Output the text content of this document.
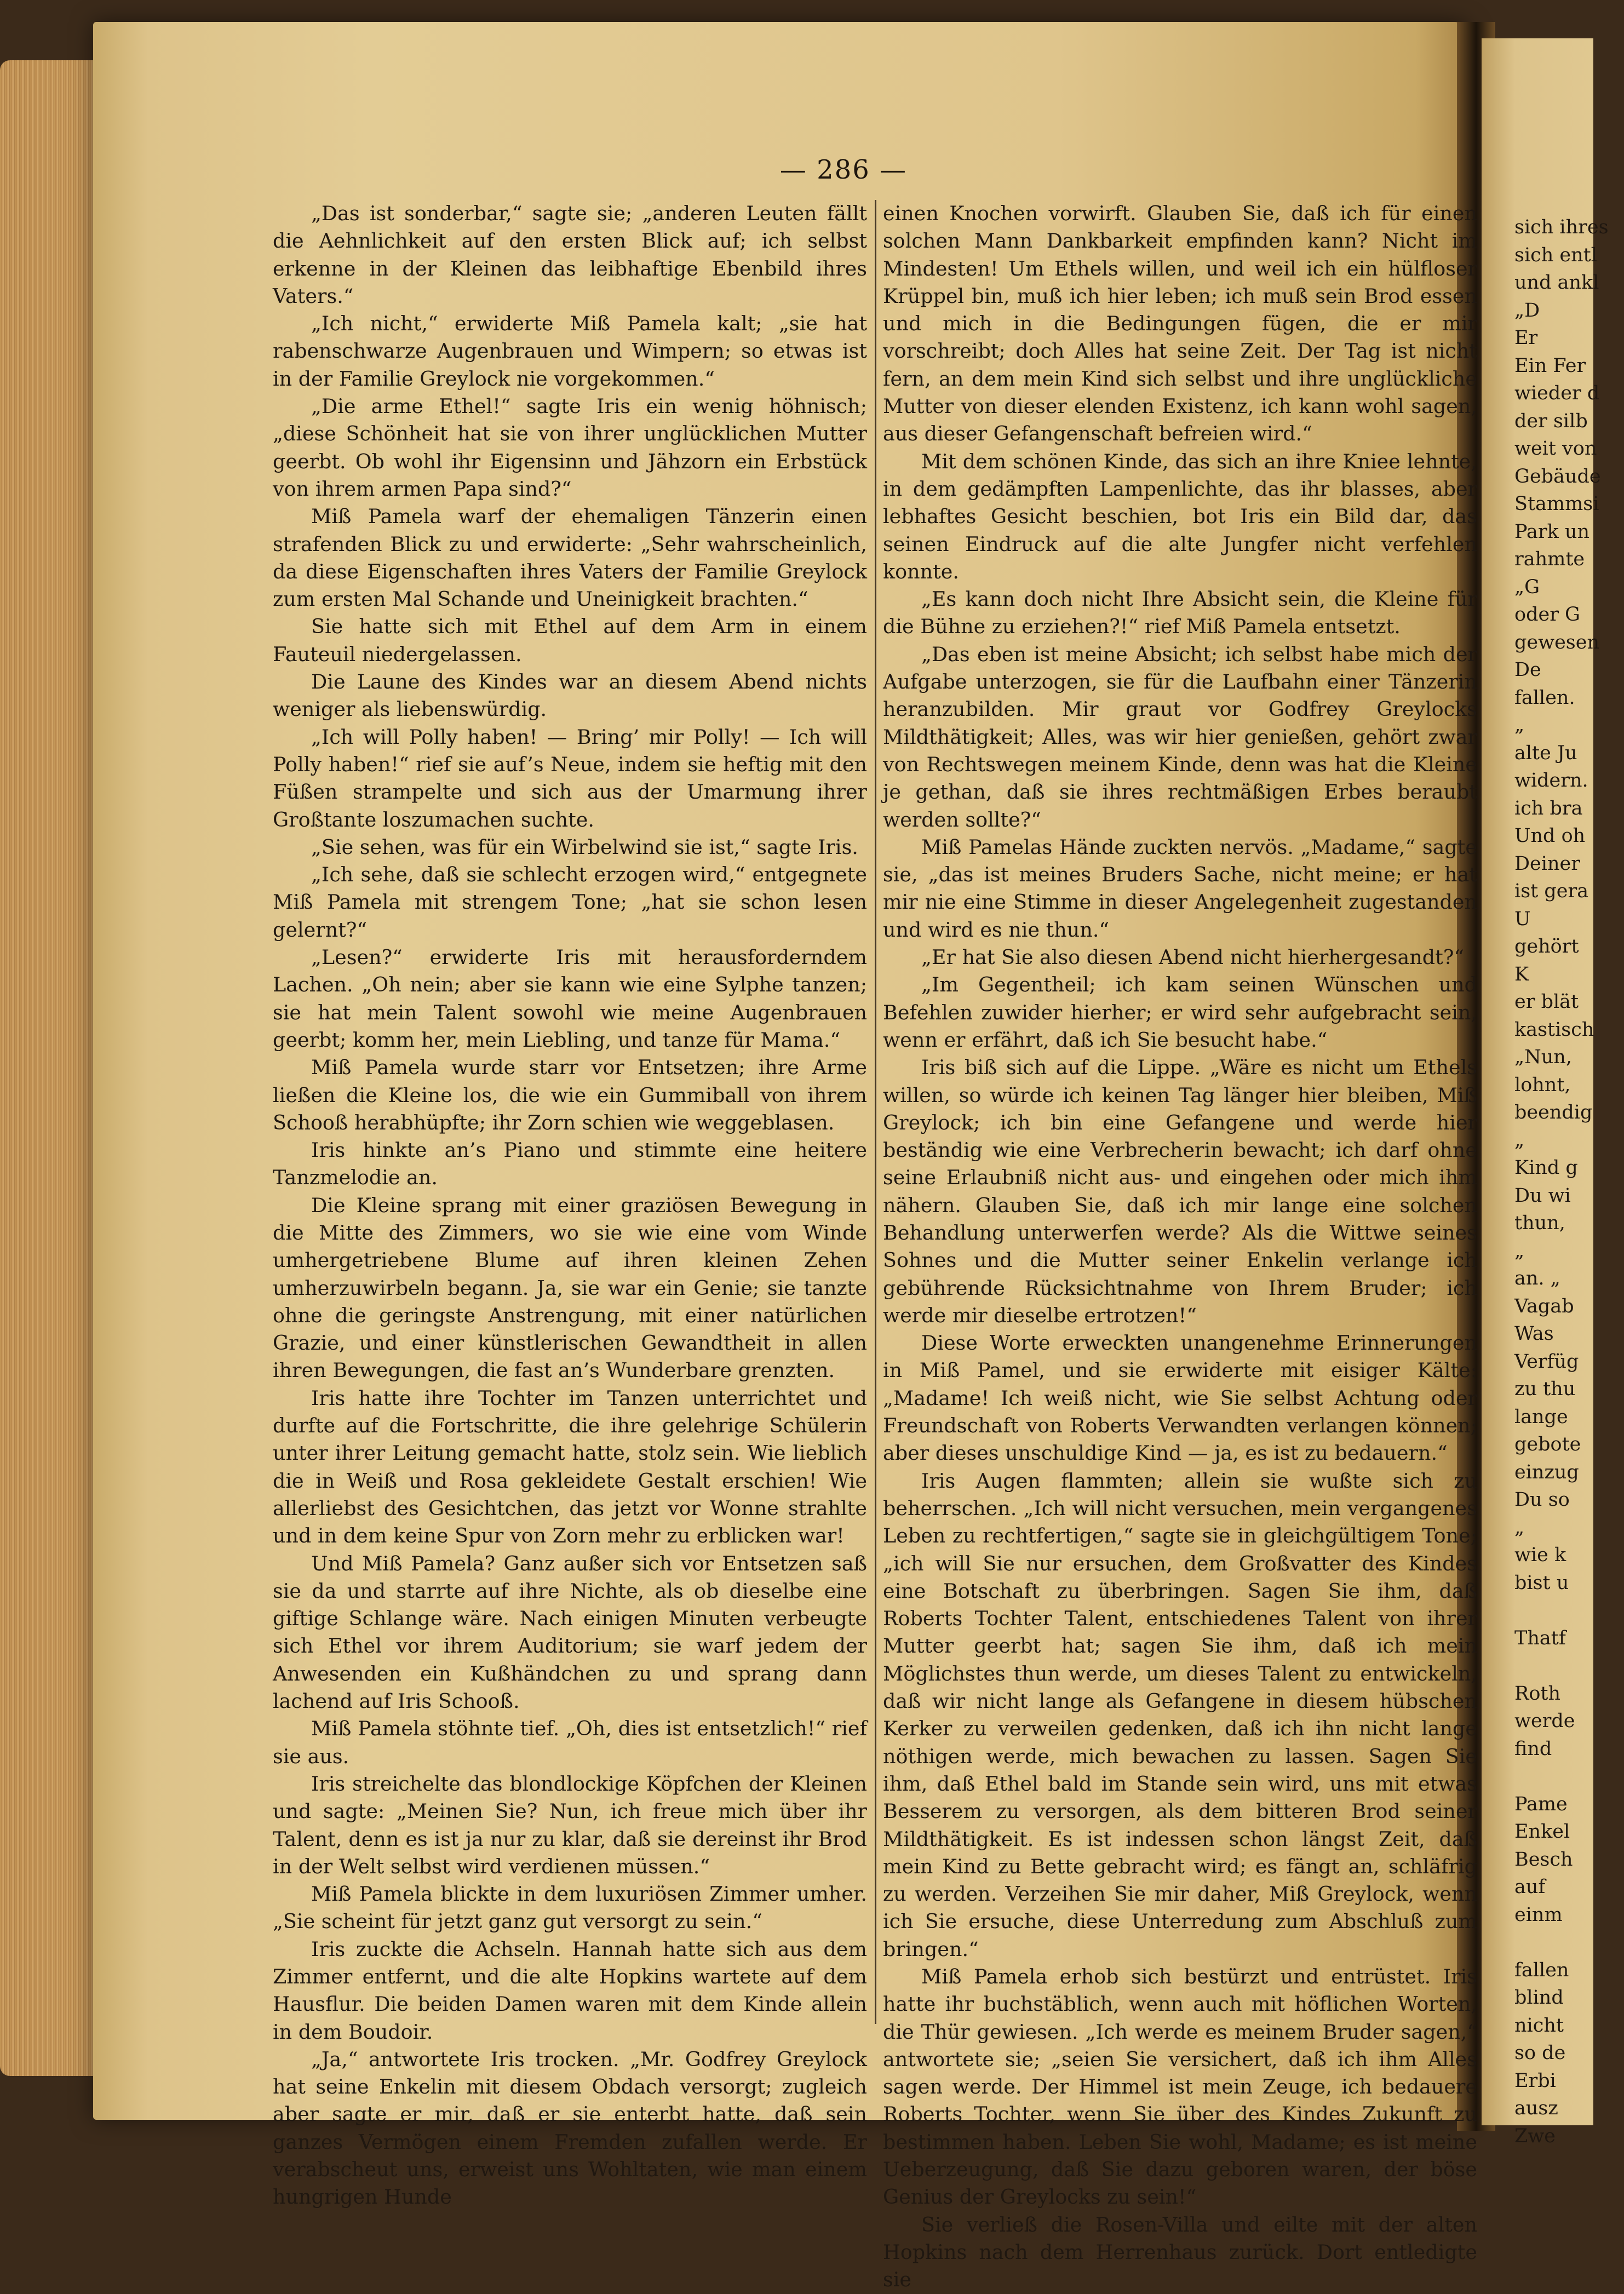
sich ihres
sich entl
und ankl
„D
Er
Ein Fer
wieder d
der silb
weit von
Gebäude
Stammsi
Park un
rahmte
„G
oder G
gewesen
De
fallen.
„
alte Ju
widern.
ich bra
Und oh
Deiner
ist gera
U
gehört
K
er blät
kastisch
„Nun,
lohnt,
beendig
„
Kind g
Du wi
thun,
„
an. „
Vagab
Was
Verfüg
zu thu
lange
gebote
einzug
Du so
„
wie k
bist u
Thatf
Roth
werde
find
Pame
Enkel
Besch
auf
einm
fallen
blind
nicht
so de
Erbi
ausz
Zwe
— 286 —

„Das ist sonderbar,“ sagte sie; „anderen Leuten fällt die Aehnlichkeit auf den ersten Blick auf; ich selbst erkenne in der Kleinen das leibhaftige Ebenbild ihres Vaters.“

„Ich nicht,“ erwiderte Miß Pamela kalt; „sie hat rabenschwarze Augenbrauen und Wimpern; so etwas ist in der Familie Greylock nie vorgekommen.“

„Die arme Ethel!“ sagte Iris ein wenig höhnisch; „diese Schönheit hat sie von ihrer unglücklichen Mutter geerbt. Ob wohl ihr Eigensinn und Jähzorn ein Erbstück von ihrem armen Papa sind?“

Miß Pamela warf der ehemaligen Tänzerin einen strafenden Blick zu und erwiderte: „Sehr wahrscheinlich, da diese Eigenschaften ihres Vaters der Familie Greylock zum ersten Mal Schande und Uneinigkeit brachten.“

Sie hatte sich mit Ethel auf dem Arm in einem Fauteuil niedergelassen.

Die Laune des Kindes war an diesem Abend nichts weniger als liebenswürdig.

„Ich will Polly haben! — Bring’ mir Polly! — Ich will Polly haben!“ rief sie auf’s Neue, indem sie heftig mit den Füßen strampelte und sich aus der Umarmung ihrer Großtante loszumachen suchte.

„Sie sehen, was für ein Wirbelwind sie ist,“ sagte Iris.

„Ich sehe, daß sie schlecht erzogen wird,“ entgegnete Miß Pamela mit strengem Tone; „hat sie schon lesen gelernt?“

„Lesen?“ erwiderte Iris mit herausforderndem Lachen. „Oh nein; aber sie kann wie eine Sylphe tanzen; sie hat mein Talent sowohl wie meine Augenbrauen geerbt; komm her, mein Liebling, und tanze für Mama.“

Miß Pamela wurde starr vor Entsetzen; ihre Arme ließen die Kleine los, die wie ein Gummiball von ihrem Schooß herabhüpfte; ihr Zorn schien wie weggeblasen.

Iris hinkte an’s Piano und stimmte eine heitere Tanzmelodie an.

Die Kleine sprang mit einer graziösen Bewegung in die Mitte des Zimmers, wo sie wie eine vom Winde umhergetriebene Blume auf ihren kleinen Zehen umherzuwirbeln begann. Ja, sie war ein Genie; sie tanzte ohne die geringste Anstrengung, mit einer natürlichen Grazie, und einer künstlerischen Gewandtheit in allen ihren Bewegungen, die fast an’s Wunderbare grenzten.

Iris hatte ihre Tochter im Tanzen unterrichtet und durfte auf die Fortschritte, die ihre gelehrige Schülerin unter ihrer Leitung gemacht hatte, stolz sein. Wie lieblich die in Weiß und Rosa gekleidete Gestalt erschien! Wie allerliebst des Gesichtchen, das jetzt vor Wonne strahlte und in dem keine Spur von Zorn mehr zu erblicken war!

Und Miß Pamela? Ganz außer sich vor Entsetzen saß sie da und starrte auf ihre Nichte, als ob dieselbe eine giftige Schlange wäre. Nach einigen Minuten verbeugte sich Ethel vor ihrem Auditorium; sie warf jedem der Anwesenden ein Kußhändchen zu und sprang dann lachend auf Iris Schooß.

Miß Pamela stöhnte tief. „Oh, dies ist entsetzlich!“ rief sie aus.

Iris streichelte das blondlockige Köpfchen der Kleinen und sagte: „Meinen Sie? Nun, ich freue mich über ihr Talent, denn es ist ja nur zu klar, daß sie dereinst ihr Brod in der Welt selbst wird verdienen müssen.“

Miß Pamela blickte in dem luxuriösen Zimmer umher. „Sie scheint für jetzt ganz gut versorgt zu sein.“

Iris zuckte die Achseln. Hannah hatte sich aus dem Zimmer entfernt, und die alte Hopkins wartete auf dem Hausflur. Die beiden Damen waren mit dem Kinde allein in dem Boudoir.

„Ja,“ antwortete Iris trocken. „Mr. Godfrey Greylock hat seine Enkelin mit diesem Obdach versorgt; zugleich aber sagte er mir, daß er sie enterbt hatte, daß sein ganzes Vermögen einem Fremden zufallen werde. Er verabscheut uns, erweist uns Wohltaten, wie man einem hungrigen Hunde

einen Knochen vorwirft. Glauben Sie, daß ich für einen solchen Mann Dankbarkeit empfinden kann? Nicht im Mindesten! Um Ethels willen, und weil ich ein hülfloser Krüppel bin, muß ich hier leben; ich muß sein Brod essen und mich in die Bedingungen fügen, die er mir vorschreibt; doch Alles hat seine Zeit. Der Tag ist nicht fern, an dem mein Kind sich selbst und ihre unglückliche Mutter von dieser elenden Existenz, ich kann wohl sagen, aus dieser Gefangenschaft befreien wird.“

Mit dem schönen Kinde, das sich an ihre Kniee lehnte, in dem gedämpften Lampenlichte, das ihr blasses, aber lebhaftes Gesicht beschien, bot Iris ein Bild dar, das seinen Eindruck auf die alte Jungfer nicht verfehlen konnte.

„Es kann doch nicht Ihre Absicht sein, die Kleine für die Bühne zu erziehen?!“ rief Miß Pamela entsetzt.

„Das eben ist meine Absicht; ich selbst habe mich der Aufgabe unterzogen, sie für die Laufbahn einer Tänzerin heranzubilden. Mir graut vor Godfrey Greylocks Mildthätigkeit; Alles, was wir hier genießen, gehört zwar von Rechtswegen meinem Kinde, denn was hat die Kleine je gethan, daß sie ihres rechtmäßigen Erbes beraubt werden sollte?“

Miß Pamelas Hände zuckten nervös. „Madame,“ sagte sie, „das ist meines Bruders Sache, nicht meine; er hat mir nie eine Stimme in dieser Angelegenheit zugestanden und wird es nie thun.“

„Er hat Sie also diesen Abend nicht hierhergesandt?“

„Im Gegentheil; ich kam seinen Wünschen und Befehlen zuwider hierher; er wird sehr aufgebracht sein, wenn er erfährt, daß ich Sie besucht habe.“

Iris biß sich auf die Lippe. „Wäre es nicht um Ethels willen, so würde ich keinen Tag länger hier bleiben, Miß Greylock; ich bin eine Gefangene und werde hier beständig wie eine Verbrecherin bewacht; ich darf ohne seine Erlaubniß nicht aus- und eingehen oder mich ihm nähern. Glauben Sie, daß ich mir lange eine solchen Behandlung unterwerfen werde? Als die Wittwe seines Sohnes und die Mutter seiner Enkelin verlange ich gebührende Rücksichtnahme von Ihrem Bruder; ich werde mir dieselbe ertrotzen!“

Diese Worte erweckten unangenehme Erinnerungen in Miß Pamel, und sie erwiderte mit eisiger Kälte: „Madame! Ich weiß nicht, wie Sie selbst Achtung oder Freundschaft von Roberts Verwandten verlangen können; aber dieses unschuldige Kind — ja, es ist zu bedauern.“

Iris Augen flammten; allein sie wußte sich zu beherrschen. „Ich will nicht versuchen, mein vergangenes Leben zu rechtfertigen,“ sagte sie in gleichgültigem Tone; „ich will Sie nur ersuchen, dem Großvatter des Kindes eine Botschaft zu überbringen. Sagen Sie ihm, daß Roberts Tochter Talent, entschiedenes Talent von ihrer Mutter geerbt hat; sagen Sie ihm, daß ich mein Möglichstes thun werde, um dieses Talent zu entwickeln, daß wir nicht lange als Gefangene in diesem hübschen Kerker zu verweilen gedenken, daß ich ihn nicht lange nöthigen werde, mich bewachen zu lassen. Sagen Sie ihm, daß Ethel bald im Stande sein wird, uns mit etwas Besserem zu versorgen, als dem bitteren Brod seiner Mildthätigkeit. Es ist indessen schon längst Zeit, daß mein Kind zu Bette gebracht wird; es fängt an, schläfrig zu werden. Verzeihen Sie mir daher, Miß Greylock, wenn ich Sie ersuche, diese Unterredung zum Abschluß zum bringen.“

Miß Pamela erhob sich bestürzt und entrüstet. Iris hatte ihr buchstäblich, wenn auch mit höflichen Worten, die Thür gewiesen. „Ich werde es meinem Bruder sagen,“ antwortete sie; „seien Sie versichert, daß ich ihm Alles sagen werde. Der Himmel ist mein Zeuge, ich bedauere Roberts Tochter, wenn Sie über des Kindes Zukunft zu bestimmen haben. Leben Sie wohl, Madame; es ist meine Ueberzeugung, daß Sie dazu geboren waren, der böse Genius der Greylocks zu sein!“

Sie verließ die Rosen-Villa und eilte mit der alten Hopkins nach dem Herrenhaus zurück. Dort entledigte sie
